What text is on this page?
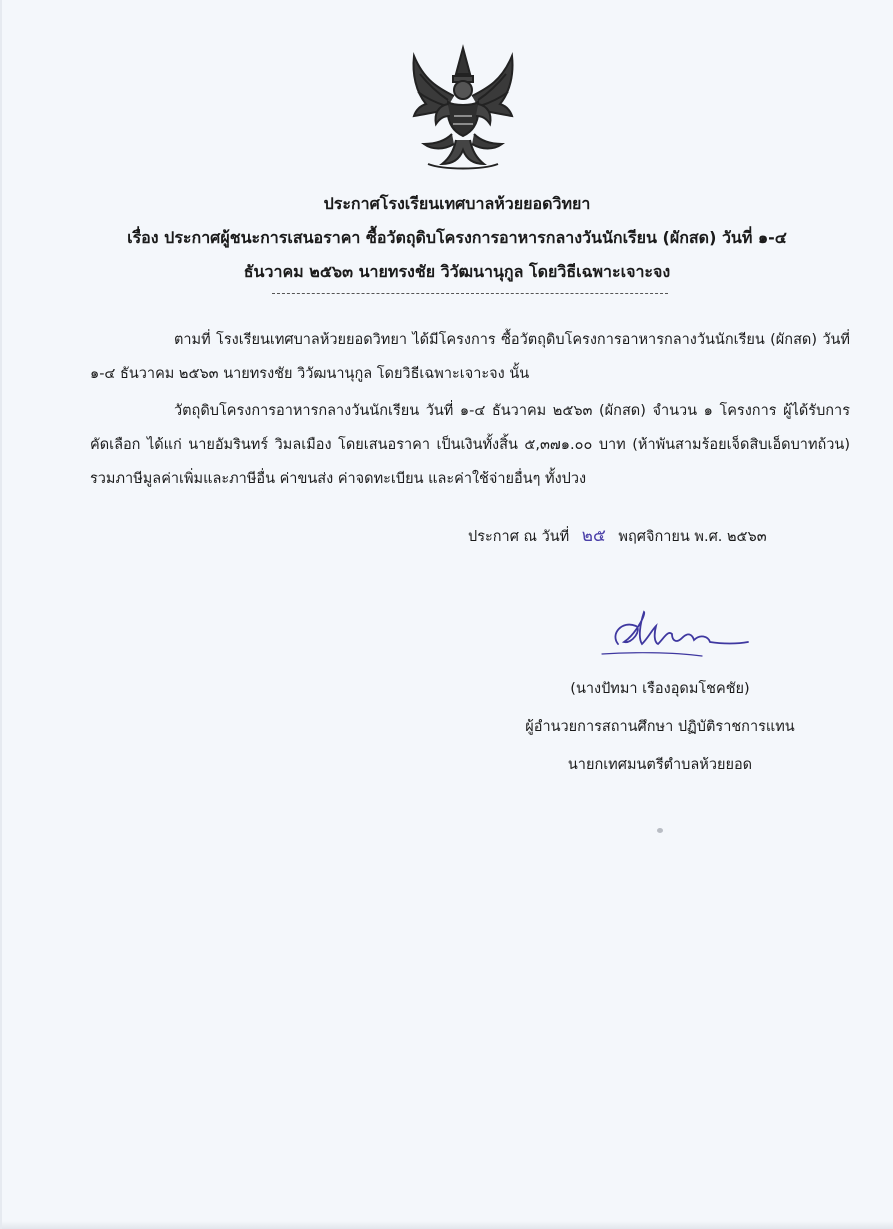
ประกาศโรงเรียนเทศบาลห้วยยอดวิทยา
เรื่อง ประกาศผู้ชนะการเสนอราคา ซื้อวัตถุดิบโครงการอาหารกลางวันนักเรียน (ผักสด) วันที่ ๑-๔
ธันวาคม ๒๕๖๓ นายทรงชัย วิวัฒนานุกูล โดยวิธีเฉพาะเจาะจง
ตามที่ โรงเรียนเทศบาลห้วยยอดวิทยา ได้มีโครงการ ซื้อวัตถุดิบโครงการอาหารกลางวันนักเรียน (ผักสด) วันที่ ๑-๔ ธันวาคม ๒๕๖๓ นายทรงชัย วิวัฒนานุกูล โดยวิธีเฉพาะเจาะจง นั้น
วัตถุดิบโครงการอาหารกลางวันนักเรียน วันที่ ๑-๔ ธันวาคม ๒๕๖๓ (ผักสด) จำนวน ๑ โครงการ ผู้ได้รับการคัดเลือก ได้แก่ นายอัมรินทร์ วิมลเมือง โดยเสนอราคา เป็นเงินทั้งสิ้น ๕,๓๗๑.๐๐ บาท (ห้าพันสามร้อยเจ็ดสิบเอ็ดบาทถ้วน) รวมภาษีมูลค่าเพิ่มและภาษีอื่น ค่าขนส่ง ค่าจดทะเบียน และค่าใช้จ่ายอื่นๆ ทั้งปวง
ประกาศ ณ วันที่ ๒๕ พฤศจิกายน พ.ศ. ๒๕๖๓
(นางปัทมา เรืองอุดมโชคชัย)
ผู้อำนวยการสถานศึกษา ปฏิบัติราชการแทน
นายกเทศมนตรีตำบลห้วยยอด
